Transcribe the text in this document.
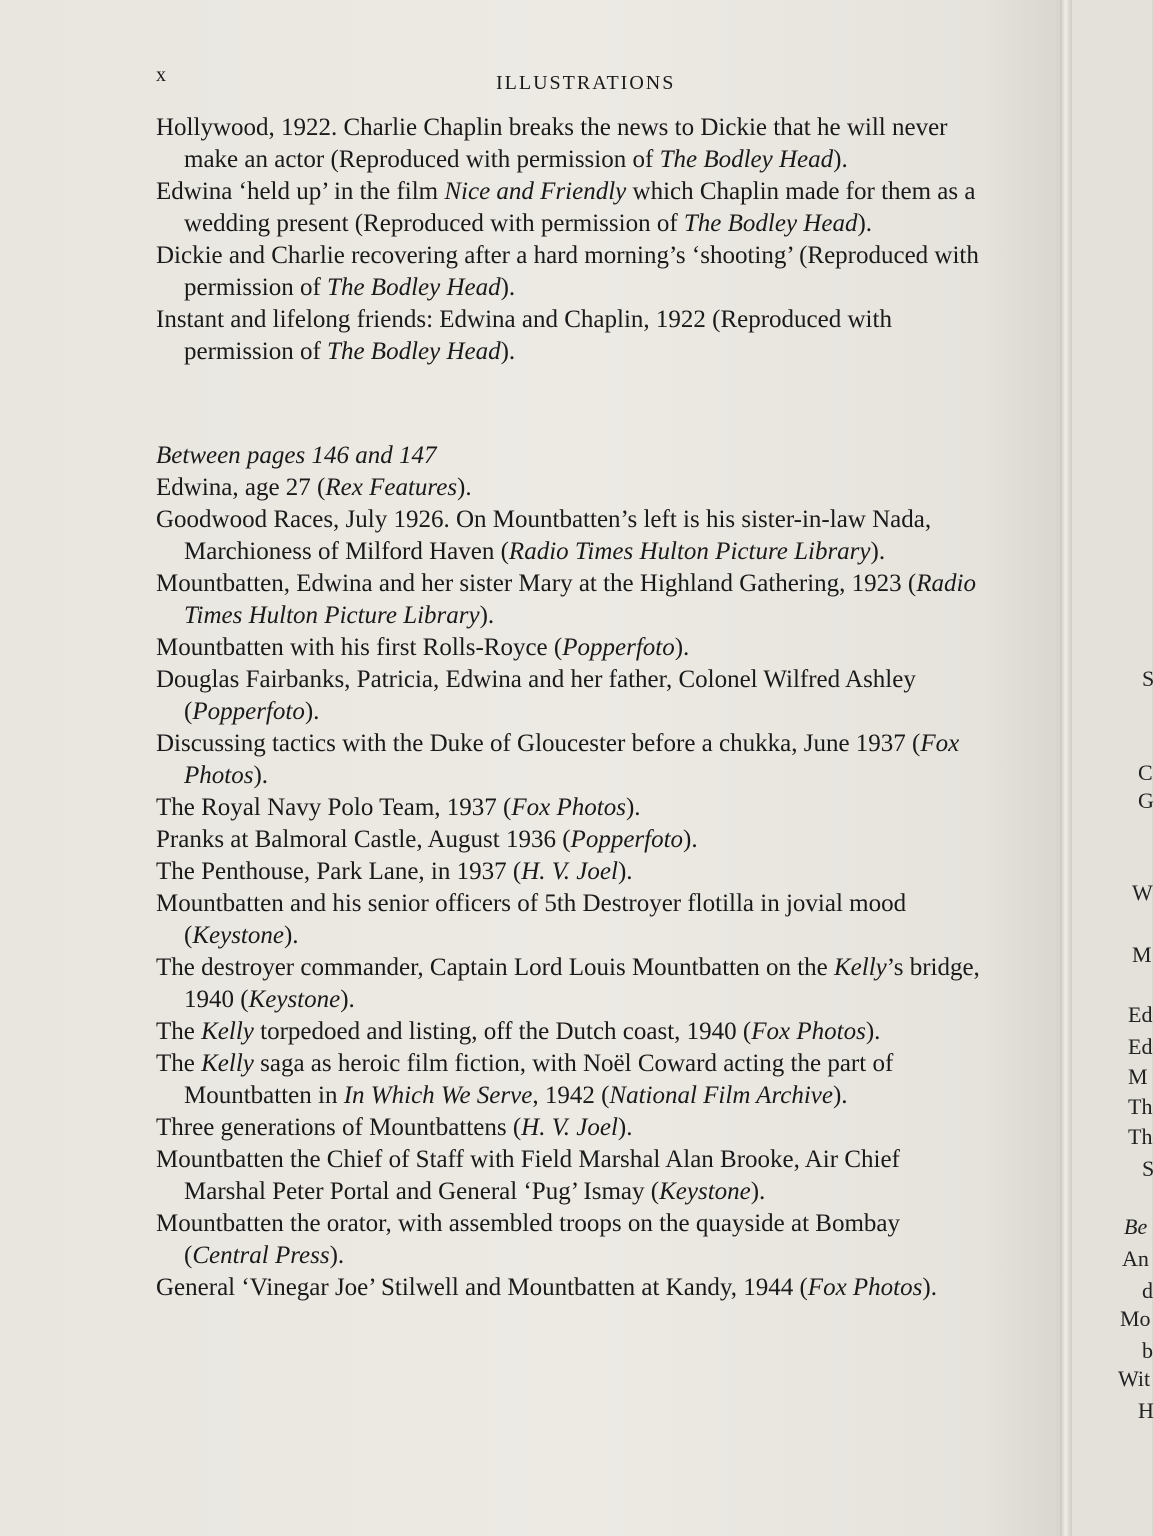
x	ILLUSTRATIONS

Hollywood, 1922. Charlie Chaplin breaks the news to Dickie that he will never make an actor (Reproduced with permission of The Bodley Head).

Edwina ‘held up’ in the film Nice and Friendly which Chaplin made for them as a wedding present (Reproduced with permission of The Bodley Head).

Dickie and Charlie recovering after a hard morning’s ‘shooting’ (Reproduced with permission of The Bodley Head).

Instant and lifelong friends: Edwina and Chaplin, 1922 (Reproduced with permission of The Bodley Head).

Between pages 146 and 147

Edwina, age 27 (Rex Features).

Goodwood Races, July 1926. On Mountbatten’s left is his sister-in-law Nada, Marchioness of Milford Haven (Radio Times Hulton Picture Library).

Mountbatten, Edwina and her sister Mary at the Highland Gathering, 1923 (Radio Times Hulton Picture Library).

Mountbatten with his first Rolls-Royce (Popperfoto).

Douglas Fairbanks, Patricia, Edwina and her father, Colonel Wilfred Ashley (Popperfoto).

Discussing tactics with the Duke of Gloucester before a chukka, June 1937 (Fox Photos).

The Royal Navy Polo Team, 1937 (Fox Photos).

Pranks at Balmoral Castle, August 1936 (Popperfoto).

The Penthouse, Park Lane, in 1937 (H. V. Joel).

Mountbatten and his senior officers of 5th Destroyer flotilla in jovial mood (Keystone).

The destroyer commander, Captain Lord Louis Mountbatten on the Kelly’s bridge, 1940 (Keystone).

The Kelly torpedoed and listing, off the Dutch coast, 1940 (Fox Photos).

The Kelly saga as heroic film fiction, with Noël Coward acting the part of Mountbatten in In Which We Serve, 1942 (National Film Archive).

Three generations of Mountbattens (H. V. Joel).

Mountbatten the Chief of Staff with Field Marshal Alan Brooke, Air Chief Marshal Peter Portal and General ‘Pug’ Ismay (Keystone).

Mountbatten the orator, with assembled troops on the quayside at Bombay (Central Press).

General ‘Vinegar Joe’ Stilwell and Mountbatten at Kandy, 1944 (Fox Photos).

S
C
G
W
M
Ed
Ed
M
Th
Th
S
Be
An
d
Mo
b
Wit
H
